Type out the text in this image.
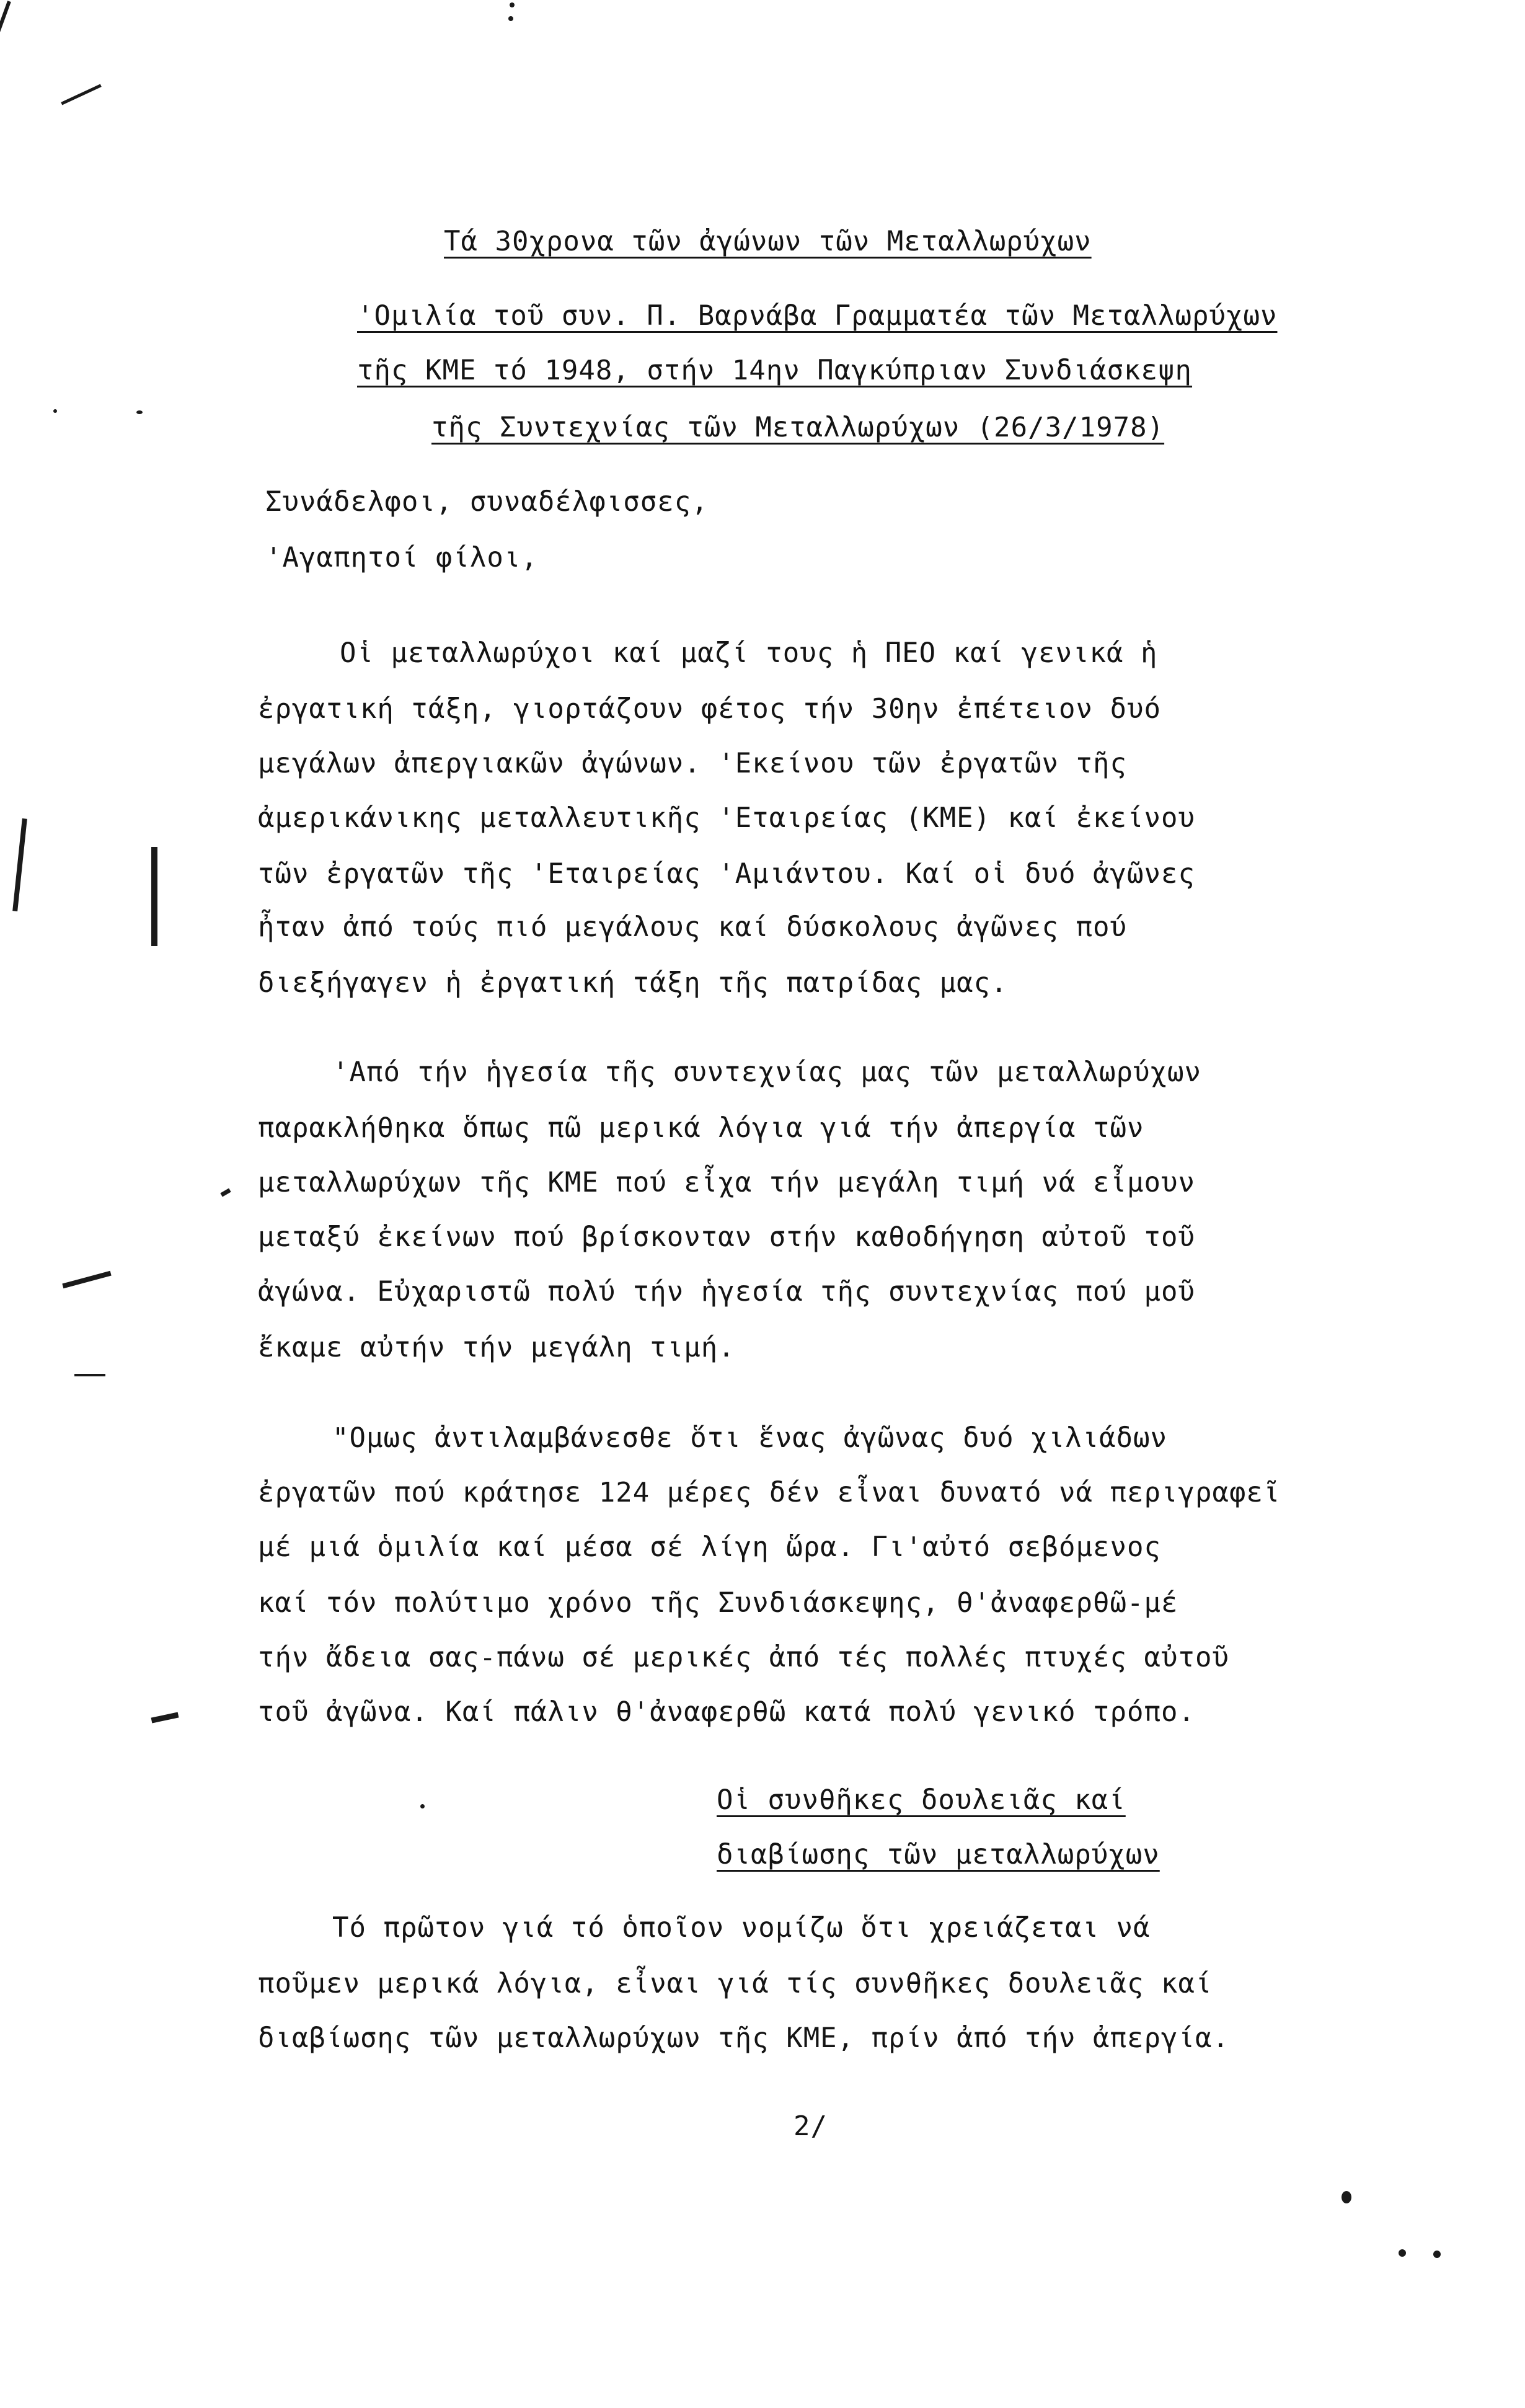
Τά 30χρονα τῶν ἀγώνων τῶν Μεταλλωρύχων
'Ομιλία τοῦ συν. Π. Βαρνάβα Γραμματέα τῶν Μεταλλωρύχων
τῆς ΚΜΕ τό 1948, στήν 14ην Παγκύπριαν Συνδιάσκεψη
τῆς Συντεχνίας τῶν Μεταλλωρύχων (26/3/1978)
Συνάδελφοι, συναδέλφισσες,
'Αγαπητοί φίλοι,
Οἱ μεταλλωρύχοι καί μαζί τους ἡ ΠΕΟ καί γενικά ἡ
ἐργατική τάξη, γιορτάζουν φέτος τήν 30ην ἐπέτειον δυό
μεγάλων ἀπεργιακῶν ἀγώνων. 'Εκείνου τῶν ἐργατῶν τῆς
ἀμερικάνικης μεταλλευτικῆς 'Εταιρείας (ΚΜΕ) καί ἐκείνου
τῶν ἐργατῶν τῆς 'Εταιρείας 'Αμιάντου. Καί οἱ δυό ἀγῶνες
ἦταν ἀπό τούς πιό μεγάλους καί δύσκολους ἀγῶνες πού
διεξήγαγεν ἡ ἐργατική τάξη τῆς πατρίδας μας.
'Από τήν ἡγεσία τῆς συντεχνίας μας τῶν μεταλλωρύχων
παρακλήθηκα ὅπως πῶ μερικά λόγια γιά τήν ἀπεργία τῶν
μεταλλωρύχων τῆς ΚΜΕ πού εἶχα τήν μεγάλη τιμή νά εἶμουν
μεταξύ ἐκείνων πού βρίσκονταν στήν καθοδήγηση αὐτοῦ τοῦ
ἀγώνα. Εὐχαριστῶ πολύ τήν ἡγεσία τῆς συντεχνίας πού μοῦ
ἔκαμε αὐτήν τήν μεγάλη τιμή.
"Ομως ἀντιλαμβάνεσθε ὅτι ἕνας ἀγῶνας δυό χιλιάδων
ἐργατῶν πού κράτησε 124 μέρες δέν εἶναι δυνατό νά περιγραφεῖ
μέ μιά ὁμιλία καί μέσα σέ λίγη ὥρα. Γι'αὐτό σεβόμενος
καί τόν πολύτιμο χρόνο τῆς Συνδιάσκεψης, θ'ἀναφερθῶ-μέ
τήν ἄδεια σας-πάνω σέ μερικές ἀπό τές πολλές πτυχές αὐτοῦ
τοῦ ἀγῶνα. Καί πάλιν θ'ἀναφερθῶ κατά πολύ γενικό τρόπο.
Οἱ συνθῆκες δουλειᾶς καί
διαβίωσης τῶν μεταλλωρύχων
Τό πρῶτον γιά τό ὁποῖον νομίζω ὅτι χρειάζεται νά
ποῦμεν μερικά λόγια, εἶναι γιά τίς συνθῆκες δουλειᾶς καί
διαβίωσης τῶν μεταλλωρύχων τῆς ΚΜΕ, πρίν ἀπό τήν ἀπεργία.
2/
